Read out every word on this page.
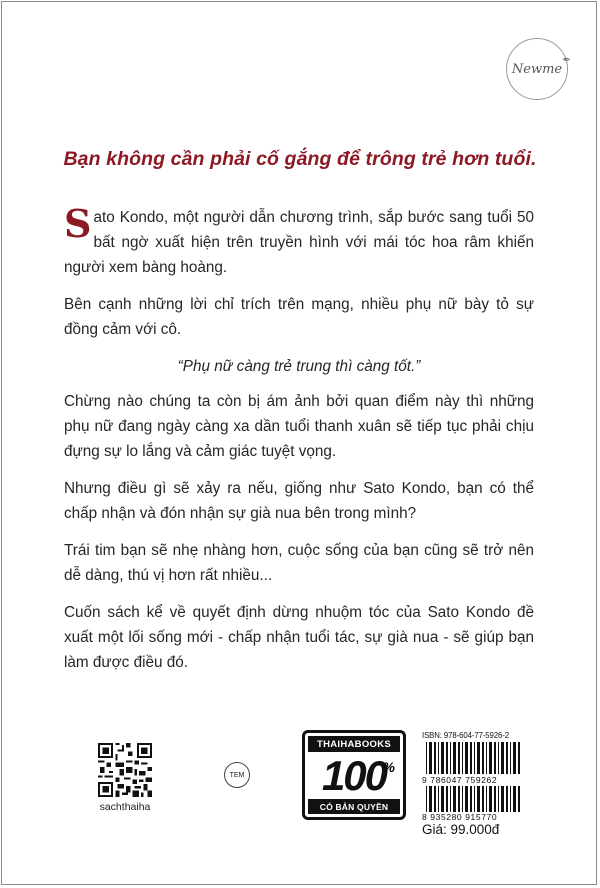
Newme
✒
Bạn không cần phải cố gắng để trông trẻ hơn tuổi.

Sato Kondo, một người dẫn chương trình, sắp bước sang tuổi 50 bất ngờ xuất hiện trên truyền hình với mái tóc hoa râm khiến người xem bàng hoàng.

Bên cạnh những lời chỉ trích trên mạng, nhiều phụ nữ bày tỏ sự đồng cảm với cô.

“Phụ nữ càng trẻ trung thì càng tốt.”

Chừng nào chúng ta còn bị ám ảnh bởi quan điểm này thì những phụ nữ đang ngày càng xa dần tuổi thanh xuân sẽ tiếp tục phải chịu đựng sự lo lắng và cảm giác tuyệt vọng.

Nhưng điều gì sẽ xảy ra nếu, giống như Sato Kondo, bạn có thể chấp nhận và đón nhận sự già nua bên trong mình?

Trái tim bạn sẽ nhẹ nhàng hơn, cuộc sống của bạn cũng sẽ trở nên dễ dàng, thú vị hơn rất nhiều...

Cuốn sách kể về quyết định dừng nhuộm tóc của Sato Kondo đề xuất một lối sống mới - chấp nhận tuổi tác, sự già nua - sẽ giúp bạn làm được điều đó.

sachthaiha
TEM
THAIHABOOKS
100
%
CÓ BẢN QUYỀN
ISBN: 978-604-77-5926-2
9 786047 759262
8 935280 915770
Giá: 99.000đ
